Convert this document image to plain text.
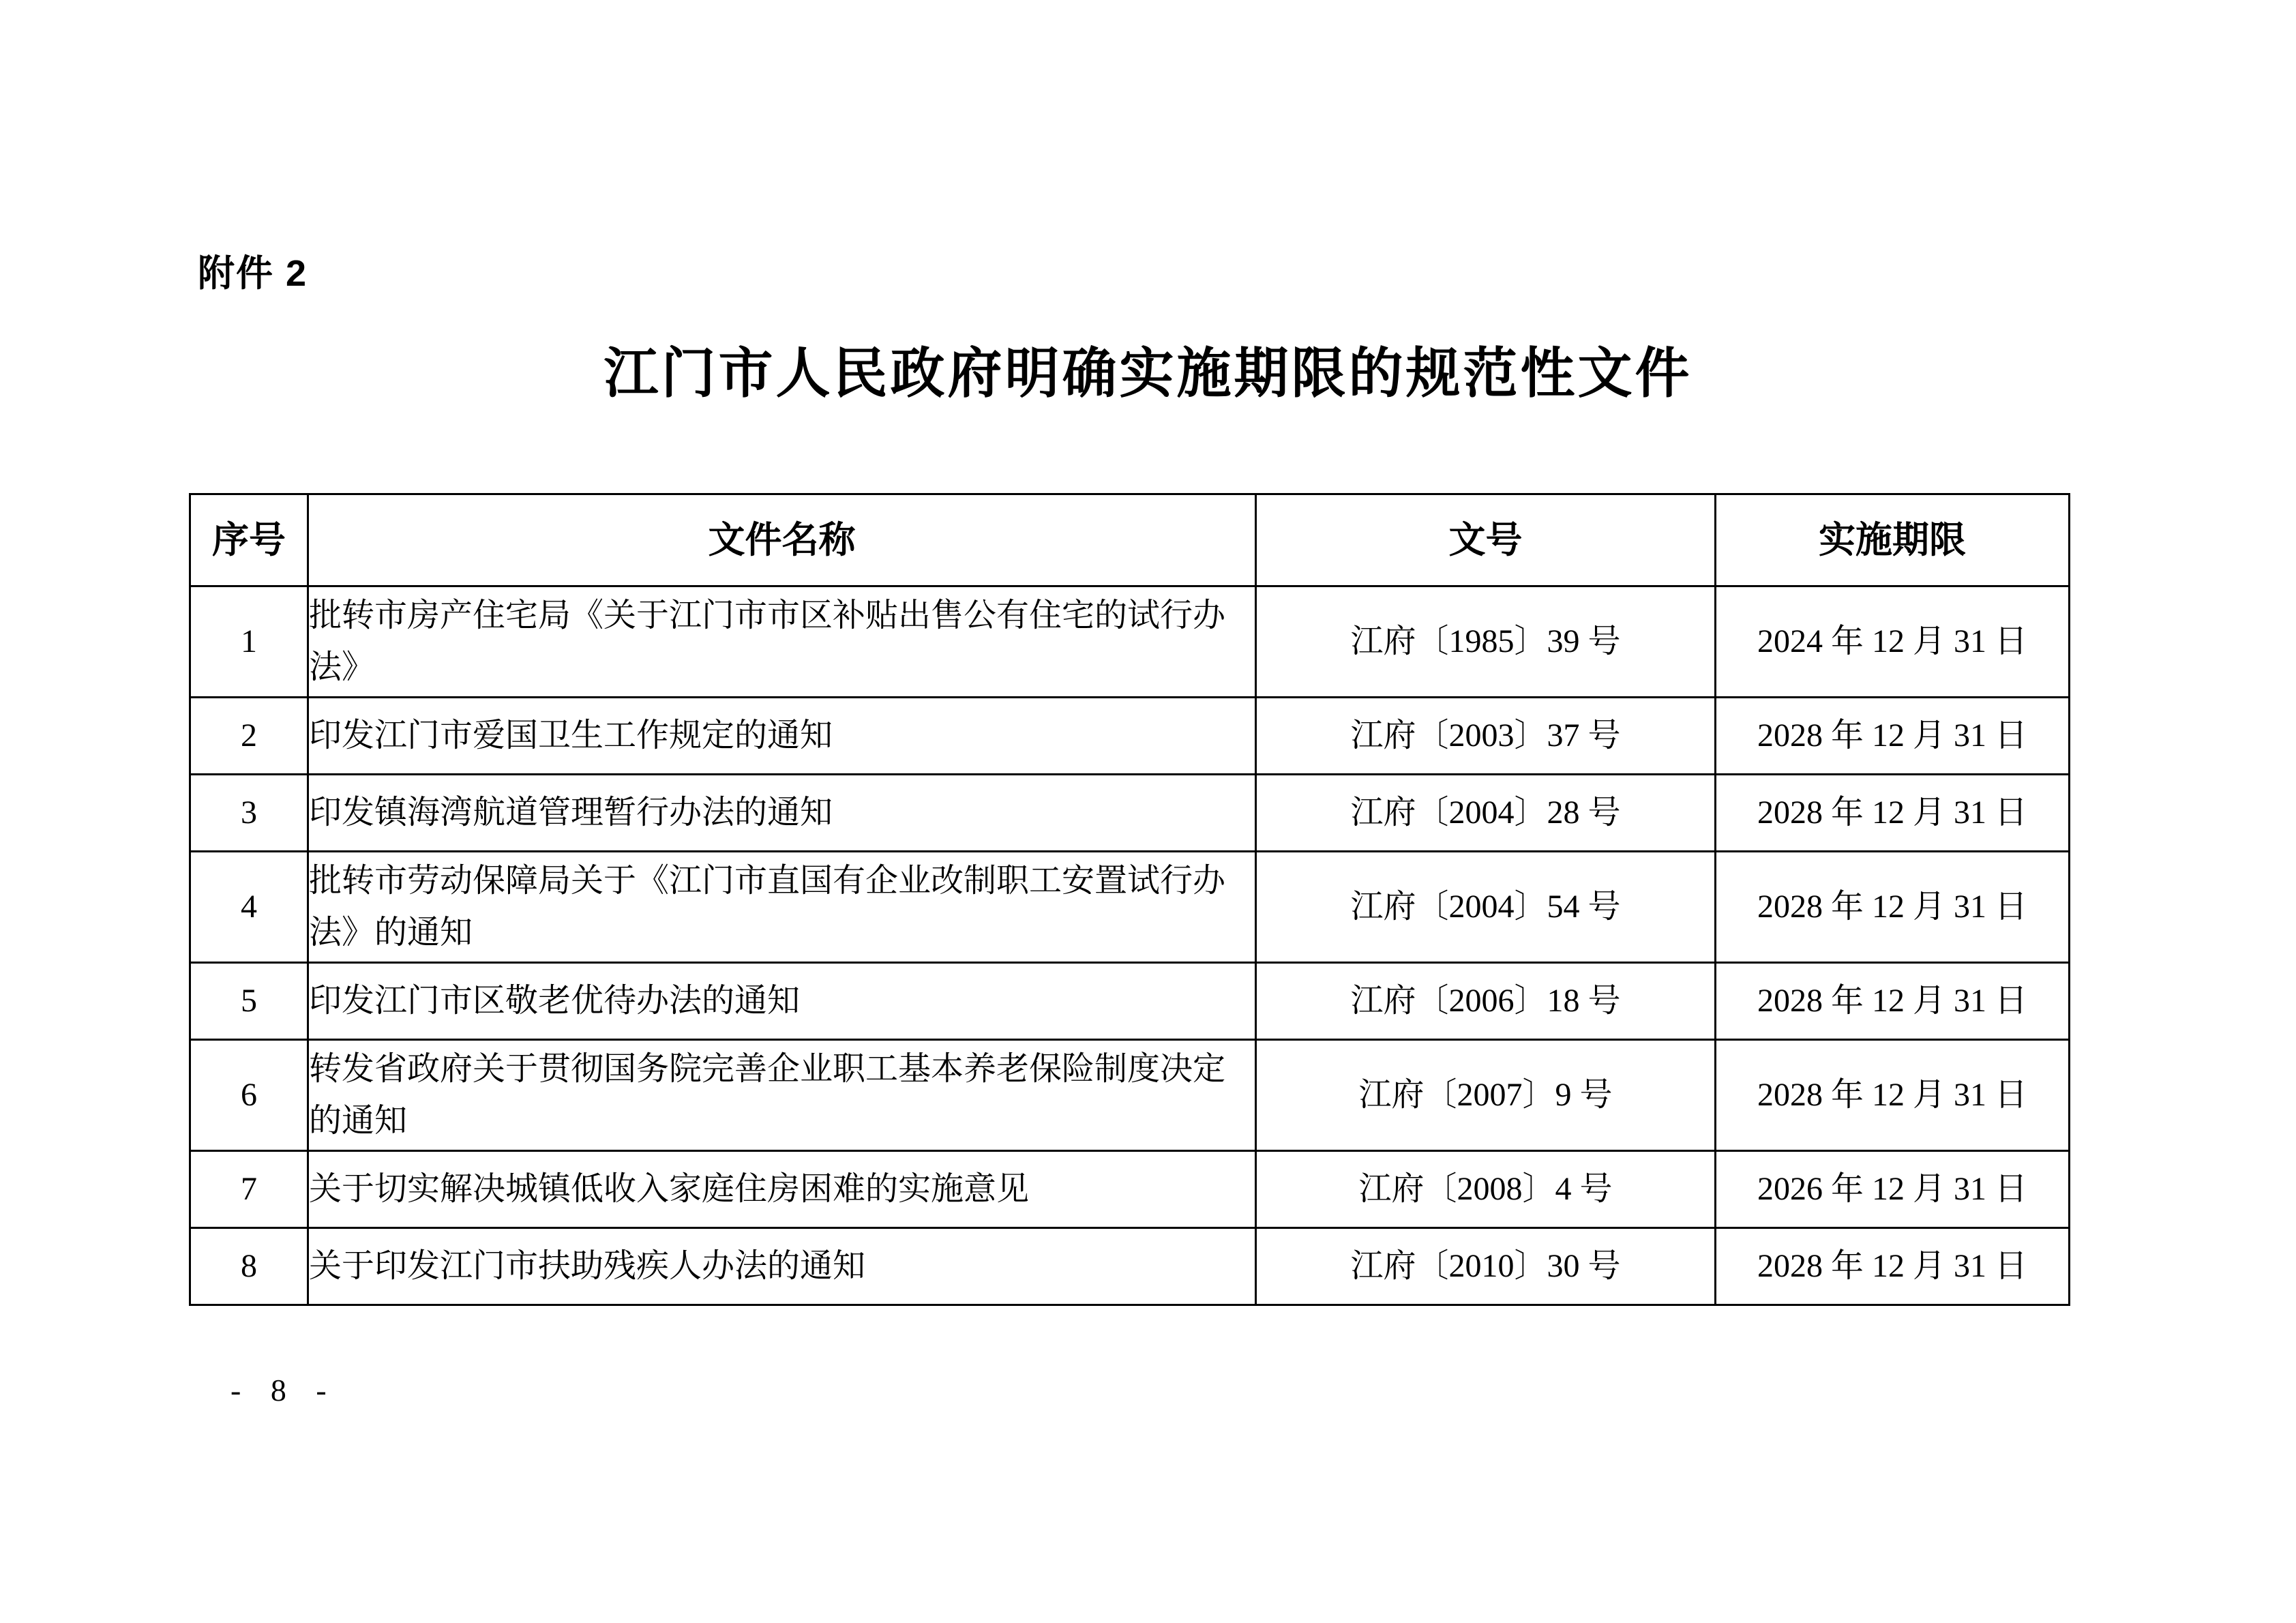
附件 2
江门市人民政府明确实施期限的规范性文件
序号	文件名称	文号	实施期限
1	批转市房产住宅局《关于江门市市区补贴出售公有住宅的试行办法》	江府〔1985〕39 号	2024 年 12 月 31 日
2	印发江门市爱国卫生工作规定的通知	江府〔2003〕37 号	2028 年 12 月 31 日
3	印发镇海湾航道管理暂行办法的通知	江府〔2004〕28 号	2028 年 12 月 31 日
4	批转市劳动保障局关于《江门市直国有企业改制职工安置试行办法》的通知	江府〔2004〕54 号	2028 年 12 月 31 日
5	印发江门市区敬老优待办法的通知	江府〔2006〕18 号	2028 年 12 月 31 日
6	转发省政府关于贯彻国务院完善企业职工基本养老保险制度决定的通知	江府〔2007〕9 号	2028 年 12 月 31 日
7	关于切实解决城镇低收入家庭住房困难的实施意见	江府〔2008〕4 号	2026 年 12 月 31 日
8	关于印发江门市扶助残疾人办法的通知	江府〔2010〕30 号	2028 年 12 月 31 日
- 8 -
